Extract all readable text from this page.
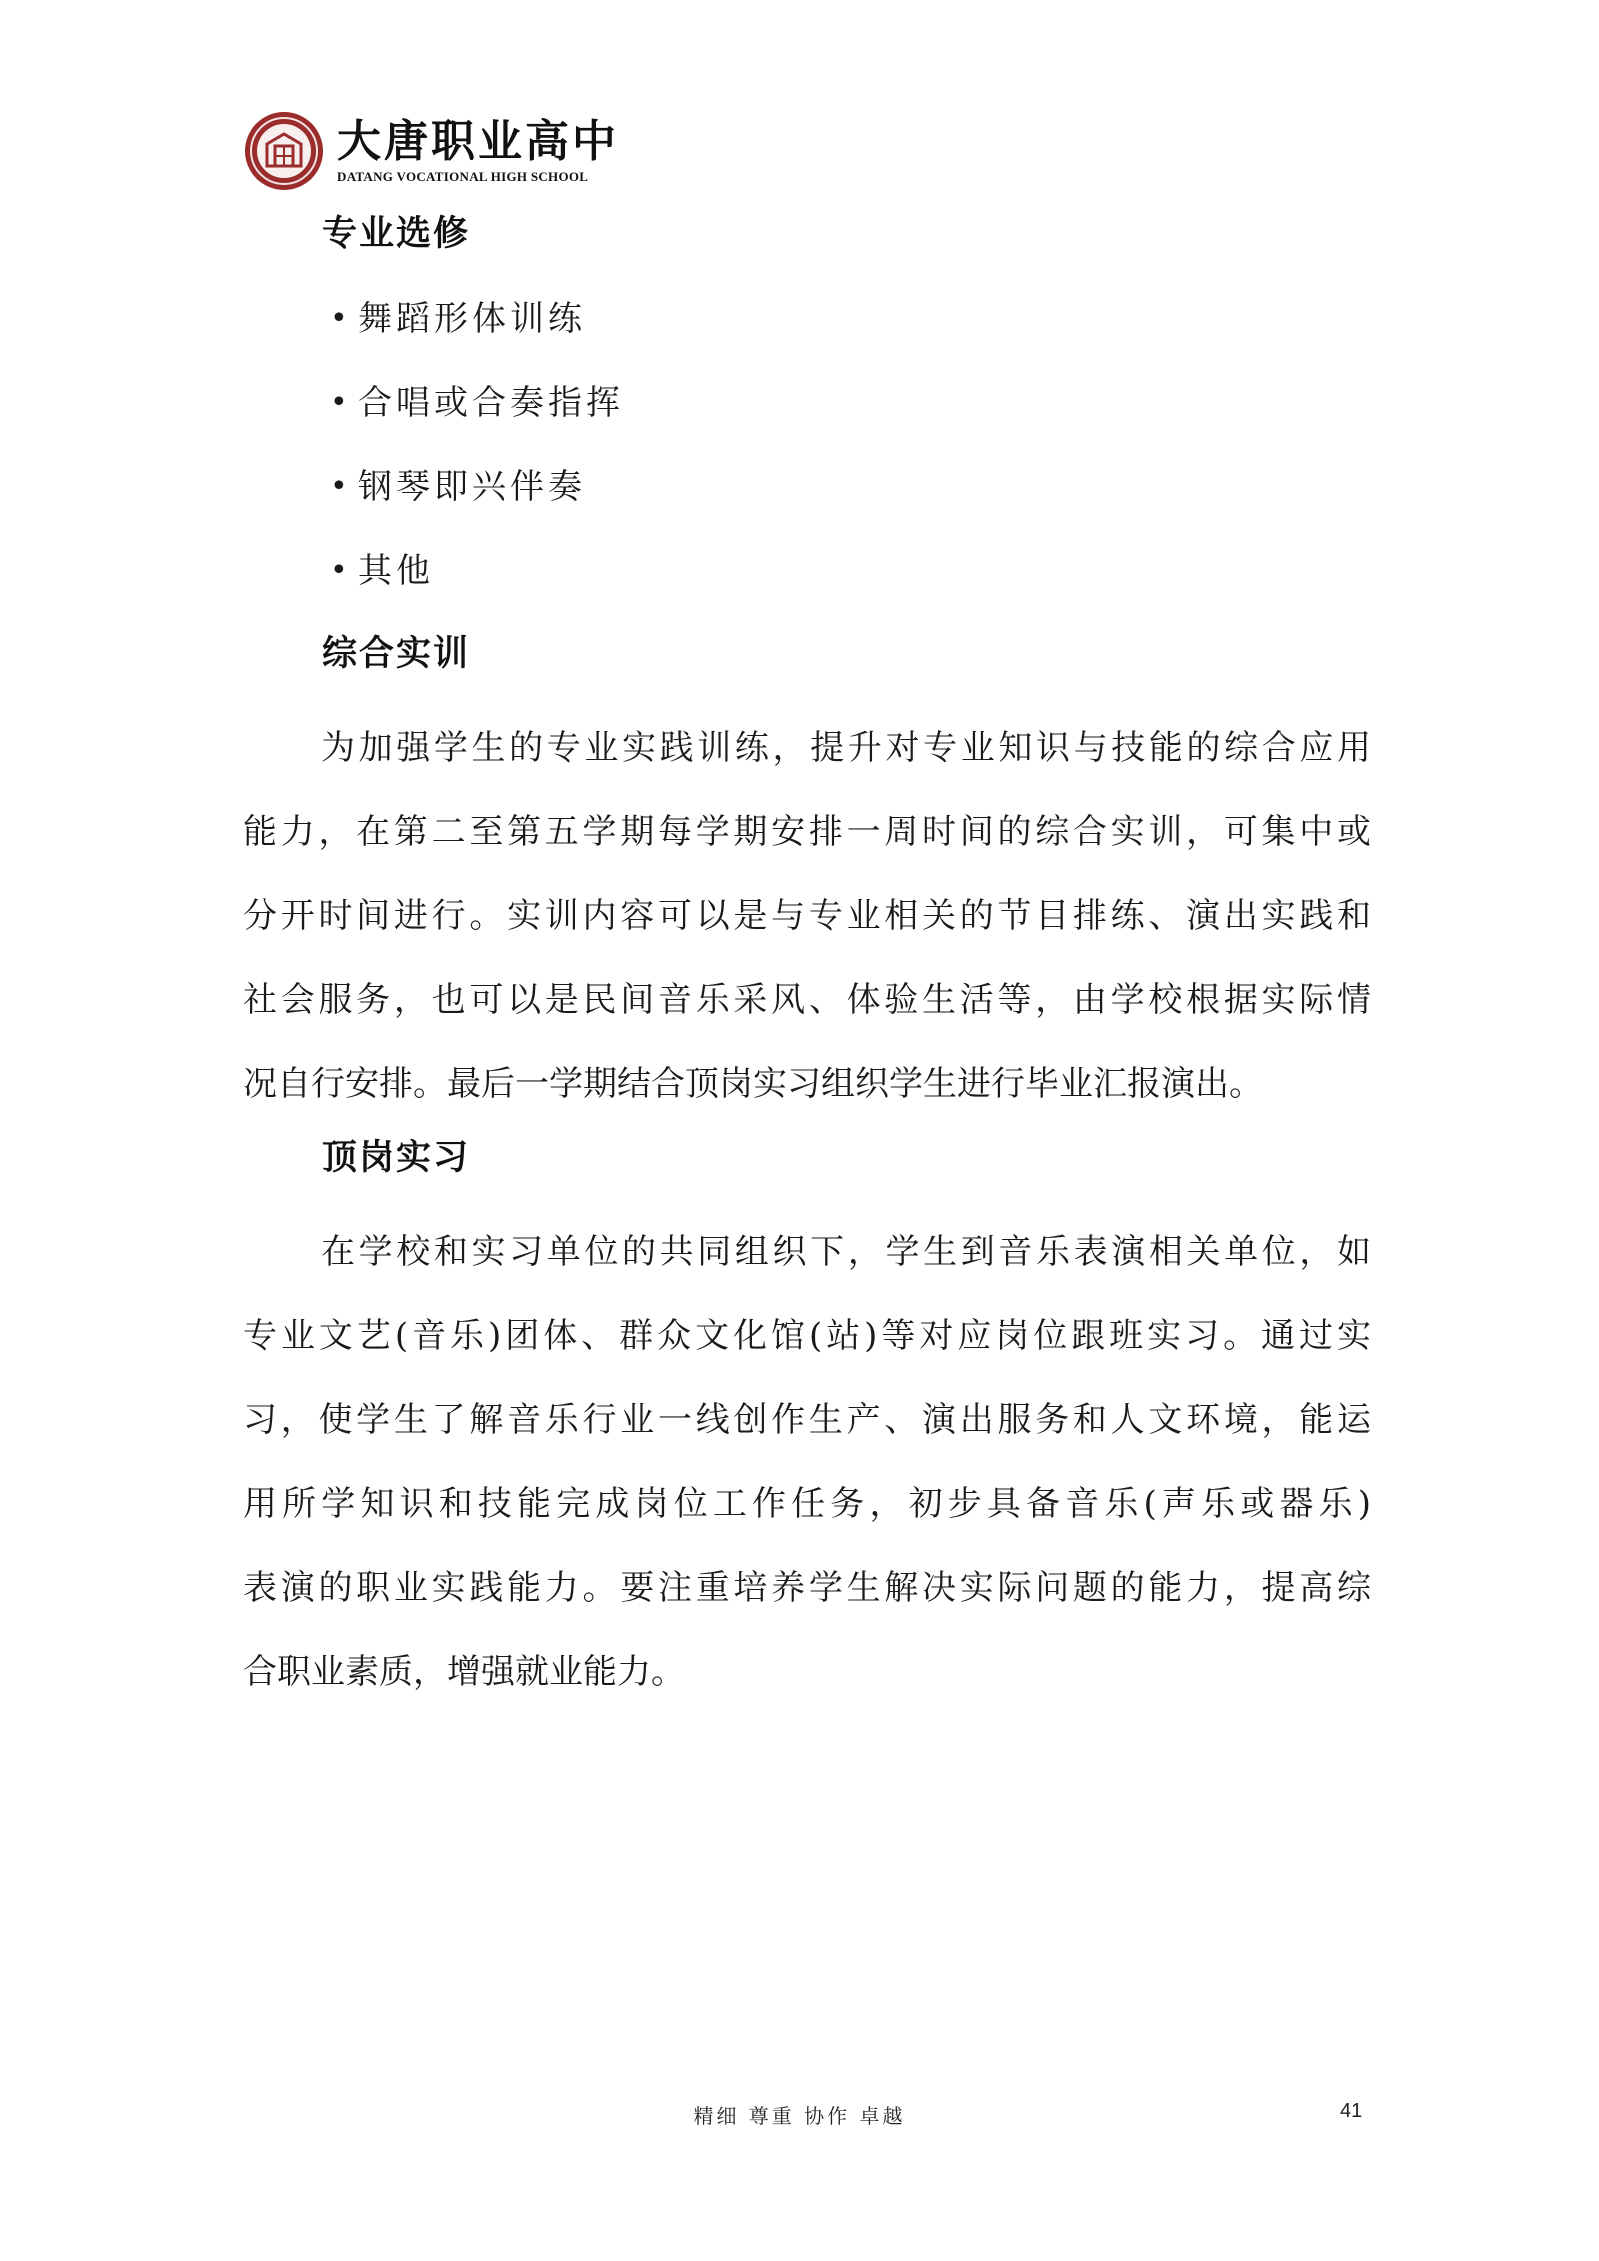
大唐职业高中
DATANG VOCATIONAL HIGH SCHOOL
专业选修
• 舞蹈形体训练
• 合唱或合奏指挥
• 钢琴即兴伴奏
• 其他
综合实训
为加强学生的专业实践训练，提升对专业知识与技能的综合应用
能力，在第二至第五学期每学期安排一周时间的综合实训，可集中或
分开时间进行。实训内容可以是与专业相关的节目排练、演出实践和
社会服务，也可以是民间音乐采风、体验生活等，由学校根据实际情
况自行安排。最后一学期结合顶岗实习组织学生进行毕业汇报演出。
顶岗实习
在学校和实习单位的共同组织下，学生到音乐表演相关单位，如
专业文艺(音乐)团体、群众文化馆(站)等对应岗位跟班实习。通过实
习，使学生了解音乐行业一线创作生产、演出服务和人文环境，能运
用所学知识和技能完成岗位工作任务，初步具备音乐(声乐或器乐)
表演的职业实践能力。要注重培养学生解决实际问题的能力，提高综
合职业素质，增强就业能力。
精细 尊重 协作 卓越	41
